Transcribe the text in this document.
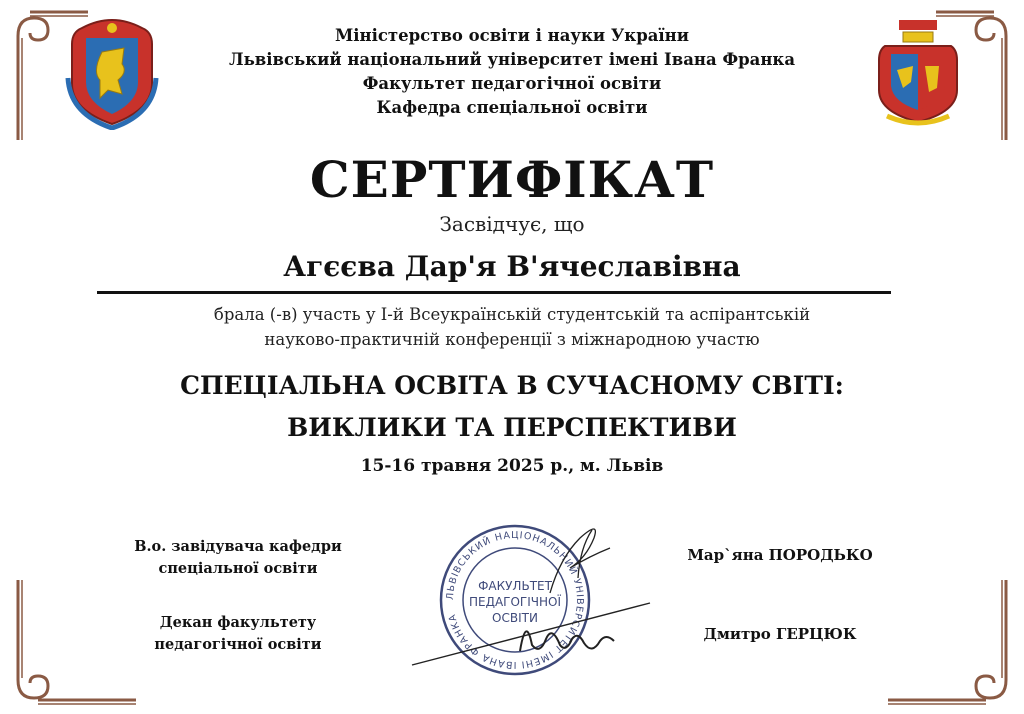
Міністерство освіти і науки України
Львівський національний університет імені Івана Франка
Факультет педагогічної освіти
Кафедра спеціальної освіти
СЕРТИФІКАТ
Засвідчує, що
Агєєва Дар'я В'ячеславівна
брала (-в) участь у І-й Всеукраїнській студентській та аспірантській
науково-практичній конференції з міжнародною участю
СПЕЦІАЛЬНА ОСВІТА В СУЧАСНОМУ СВІТІ:
ВИКЛИКИ ТА ПЕРСПЕКТИВИ
15-16 травня 2025 р., м. Львів
В.о. завідувача кафедри
спеціальної освіти
Декан факультету
педагогічної освіти
Мар`яна ПОРОДЬКО
Дмитро ГЕРЦЮК
ЛЬВІВСЬКИЙ НАЦІОНАЛЬНИЙ УНІВЕРСИТЕТ ІМЕНІ ІВАНА ФРАНКА
ФАКУЛЬТЕТ
ПЕДАГОГІЧНОЇ
ОСВІТИ
